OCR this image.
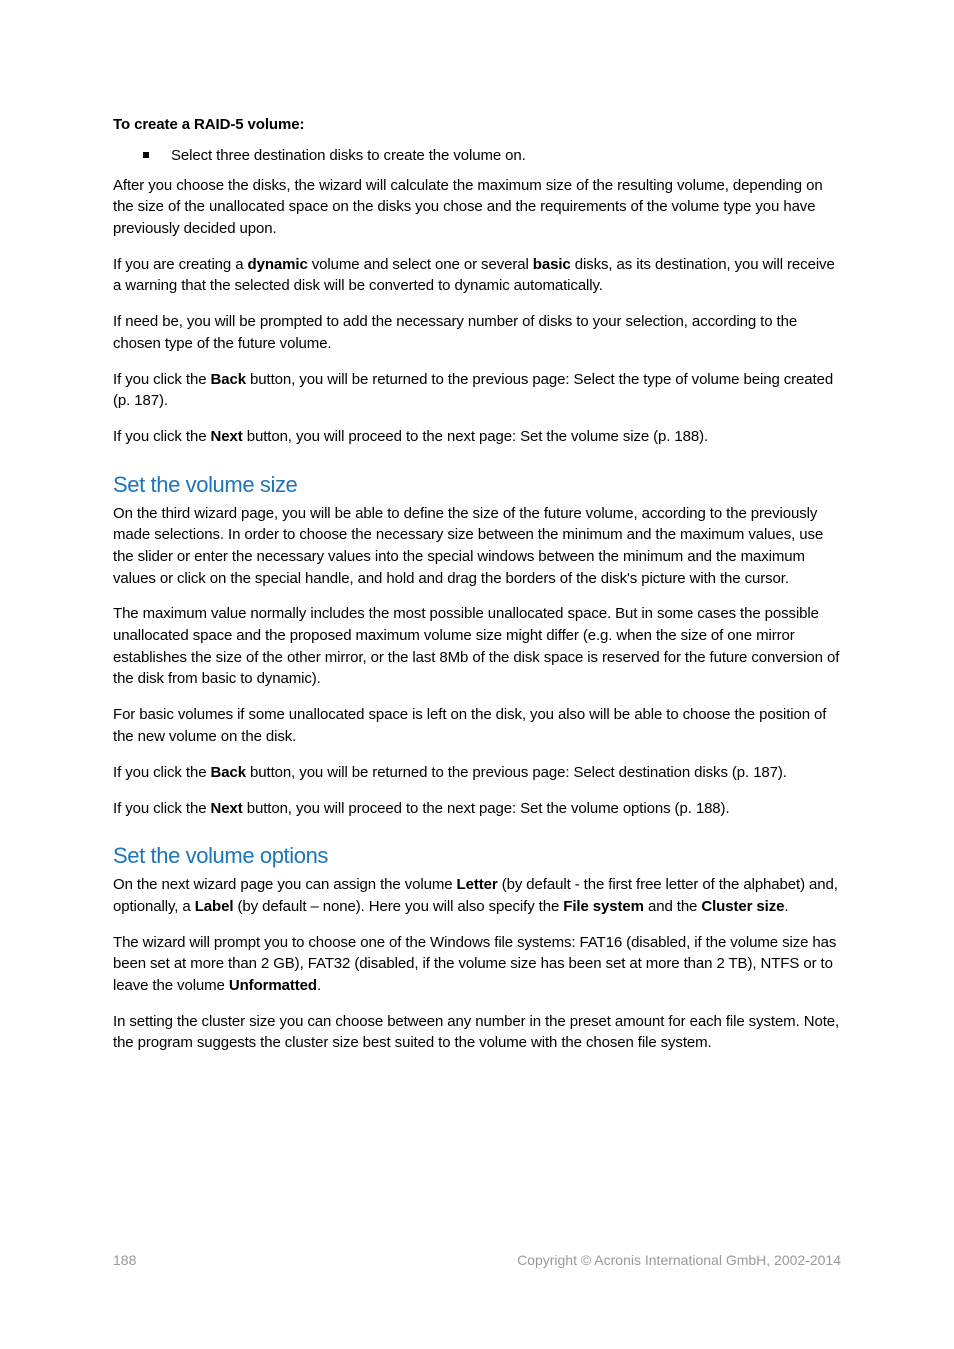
To create a RAID-5 volume:
Select three destination disks to create the volume on.

After you choose the disks, the wizard will calculate the maximum size of the resulting volume, depending on the size of the unallocated space on the disks you chose and the requirements of the volume type you have previously decided upon.

If you are creating a dynamic volume and select one or several basic disks, as its destination, you will receive a warning that the selected disk will be converted to dynamic automatically.

If need be, you will be prompted to add the necessary number of disks to your selection, according to the chosen type of the future volume.

If you click the Back button, you will be returned to the previous page: Select the type of volume being created (p. 187).

If you click the Next button, you will proceed to the next page: Set the volume size (p. 188).

Set the volume size

On the third wizard page, you will be able to define the size of the future volume, according to the previously made selections. In order to choose the necessary size between the minimum and the maximum values, use the slider or enter the necessary values into the special windows between the minimum and the maximum values or click on the special handle, and hold and drag the borders of the disk's picture with the cursor.

The maximum value normally includes the most possible unallocated space. But in some cases the possible unallocated space and the proposed maximum volume size might differ (e.g. when the size of one mirror establishes the size of the other mirror, or the last 8Mb of the disk space is reserved for the future conversion of the disk from basic to dynamic).

For basic volumes if some unallocated space is left on the disk, you also will be able to choose the position of the new volume on the disk.

If you click the Back button, you will be returned to the previous page: Select destination disks (p. 187).

If you click the Next button, you will proceed to the next page: Set the volume options (p. 188).

Set the volume options

On the next wizard page you can assign the volume Letter (by default - the first free letter of the alphabet) and, optionally, a Label (by default – none). Here you will also specify the File system and the Cluster size.

The wizard will prompt you to choose one of the Windows file systems: FAT16 (disabled, if the volume size has been set at more than 2 GB), FAT32 (disabled, if the volume size has been set at more than 2 TB), NTFS or to leave the volume Unformatted.

In setting the cluster size you can choose between any number in the preset amount for each file system. Note, the program suggests the cluster size best suited to the volume with the chosen file system.

188	Copyright © Acronis International GmbH, 2002-2014
